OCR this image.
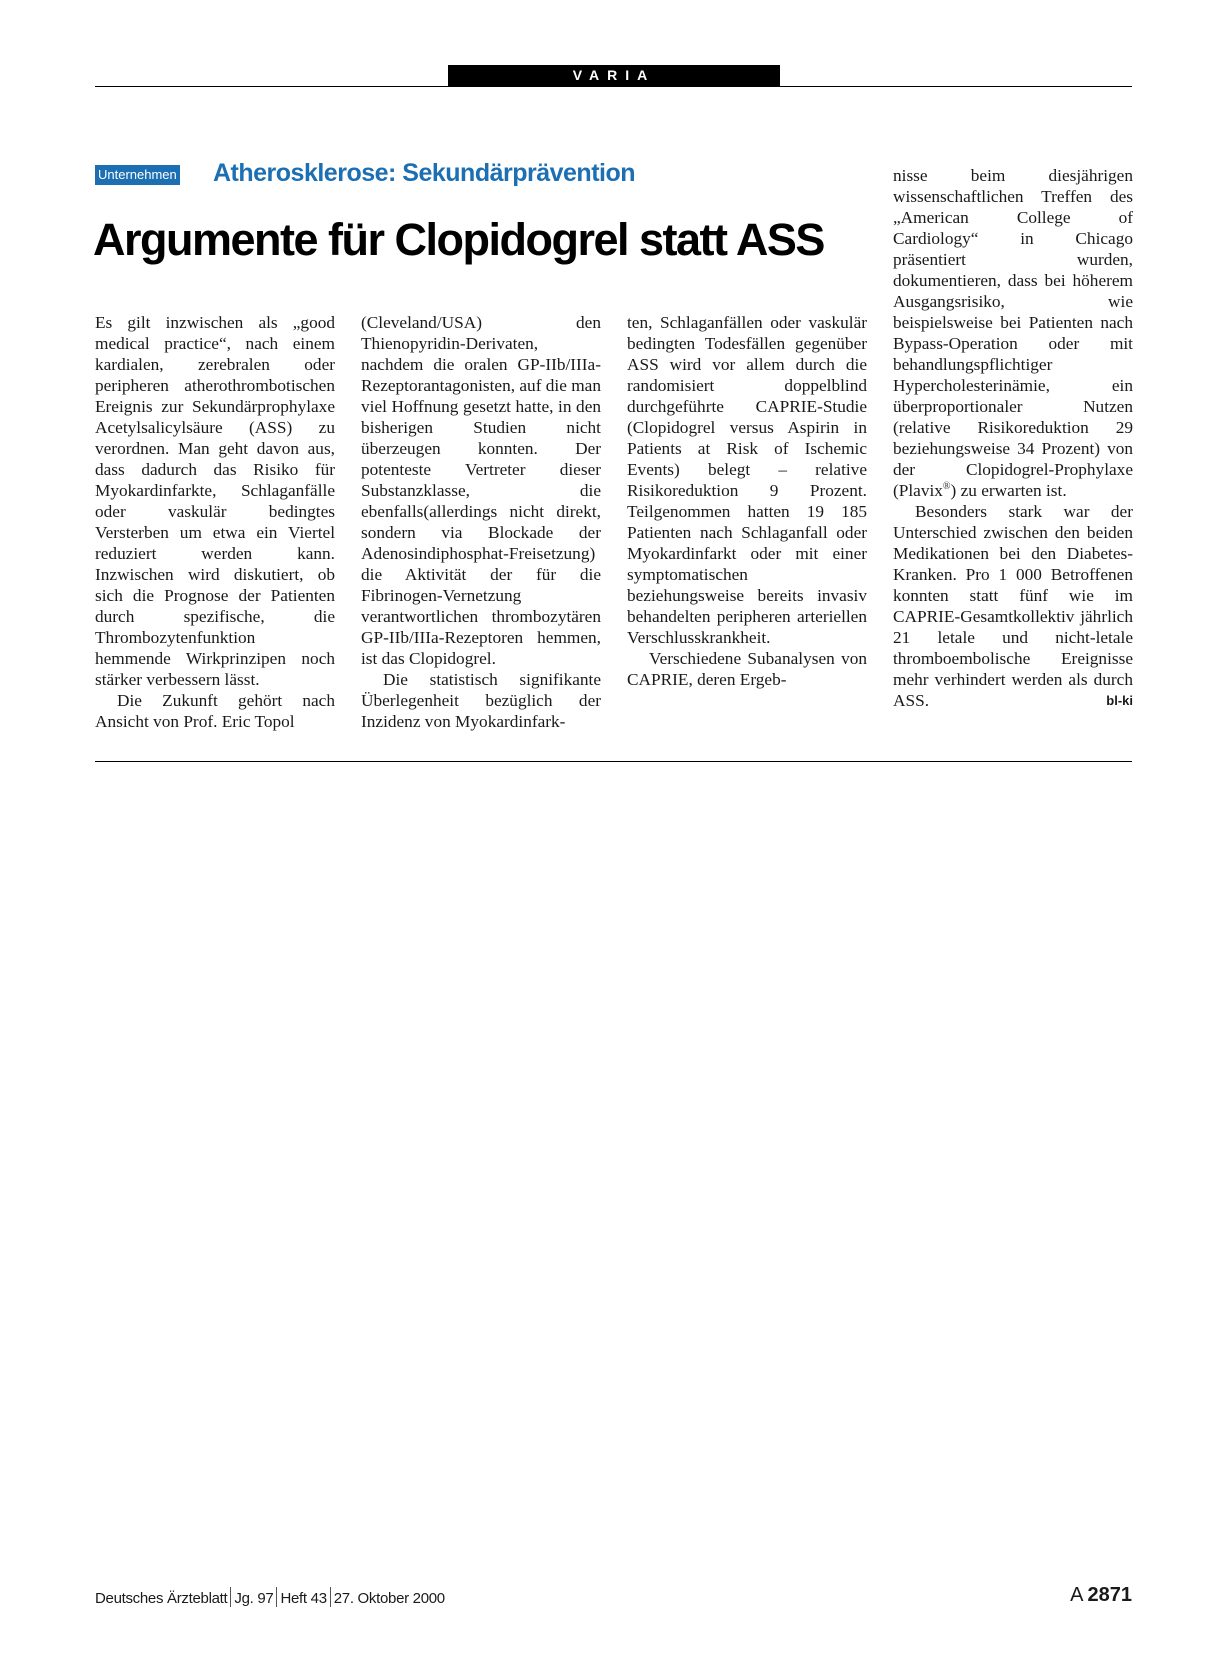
VARIA
Unternehmen Atherosklerose: Sekundärprävention
Argumente für Clopidogrel statt ASS

Es gilt inzwischen als „good medical practice“, nach einem kardialen, zerebralen oder peripheren atherothrombotischen Ereignis zur Sekundärprophylaxe Acetylsalicylsäure (ASS) zu verordnen. Man geht davon aus, dass dadurch das Risiko für Myokardinfarkte, Schlaganfälle oder vaskulär bedingtes Versterben um etwa ein Viertel reduziert werden kann. Inzwischen wird diskutiert, ob sich die Prognose der Patienten durch spezifische, die Thrombozytenfunktion hemmende Wirkprinzipen noch stärker verbessern lässt.

Die Zukunft gehört nach Ansicht von Prof. Eric Topol

(Cleveland/USA) den Thienopyridin-Derivaten, nachdem die oralen GP-IIb/IIIa-Rezeptorantagonisten, auf die man viel Hoffnung gesetzt hatte, in den bisherigen Studien nicht überzeugen konnten. Der potenteste Vertreter dieser Substanzklasse, die ebenfalls(allerdings nicht direkt, sondern via Blockade der Adenosindiphosphat-Freisetzung) die Aktivität der für die Fibrinogen-Vernetzung verantwortlichen thrombozytären GP-IIb/IIIa-Rezeptoren hemmen, ist das Clopidogrel.

Die statistisch signifikante Überlegenheit bezüglich der Inzidenz von Myokardinfark-

ten, Schlaganfällen oder vaskulär bedingten Todesfällen gegenüber ASS wird vor allem durch die randomisiert doppelblind durchgeführte CAPRIE-Studie (Clopidogrel versus Aspirin in Patients at Risk of Ischemic Events) belegt – relative Risikoreduktion 9 Prozent. Teilgenommen hatten 19 185 Patienten nach Schlaganfall oder Myokardinfarkt oder mit einer symptomatischen beziehungsweise bereits invasiv behandelten peripheren arteriellen Verschlusskrankheit.

Verschiedene Subanalysen von CAPRIE, deren Ergeb-

nisse beim diesjährigen wissenschaftlichen Treffen des „American College of Cardiology“ in Chicago präsentiert wurden, dokumentieren, dass bei höherem Ausgangsrisiko, wie beispielsweise bei Patienten nach Bypass-Operation oder mit behandlungspflichtiger Hypercholesterinämie, ein überproportionaler Nutzen (relative Risikoreduktion 29 beziehungsweise 34 Prozent) von der Clopidogrel-Prophylaxe (Plavix®) zu erwarten ist.

Besonders stark war der Unterschied zwischen den beiden Medikationen bei den Diabetes-Kranken. Pro 1 000 Betroffenen konnten statt fünf wie im CAPRIE-Gesamtkollektiv jährlich 21 letale und nicht-letale thromboembolische Ereignisse mehr verhindert werden als durch ASS.	bl-ki

Deutsches Ärzteblatt Jg. 97 Heft 43 27. Oktober 2000	A 2871
